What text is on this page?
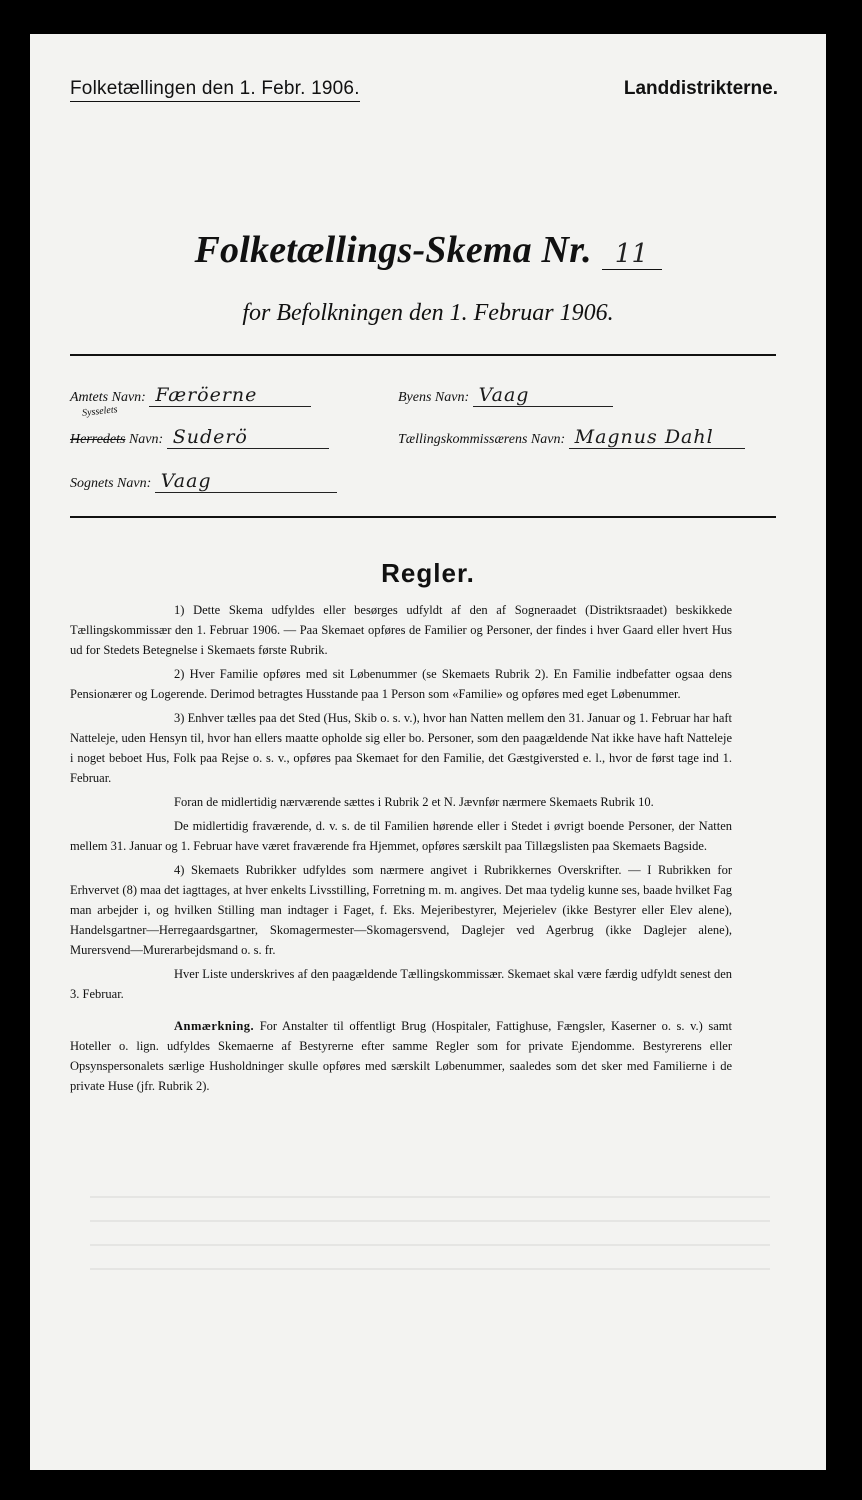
Folketællingen den 1. Febr. 1906.	Landdistrikterne.
Folketællings-Skema Nr. 11
for Befolkningen den 1. Februar 1906.
Amtets Navn: Færöerne	Byens Navn: Vaag
Sysselets
Herredets Navn: Suderö	Tællingskommissærens Navn: Magnus Dahl
Sognets Navn: Vaag
Regler.

1) Dette Skema udfyldes eller besørges udfyldt af den af Sogneraadet (Distriktsraadet) beskikkede Tællingskommissær den 1. Februar 1906. — Paa Skemaet opføres de Familier og Personer, der findes i hver Gaard eller hvert Hus ud for Stedets Betegnelse i Skemaets første Rubrik.

2) Hver Familie opføres med sit Løbenummer (se Skemaets Rubrik 2). En Familie indbefatter ogsaa dens Pensionærer og Logerende. Derimod betragtes Husstande paa 1 Person som «Familie» og opføres med eget Løbenummer.

3) Enhver tælles paa det Sted (Hus, Skib o. s. v.), hvor han Natten mellem den 31. Januar og 1. Februar har haft Natteleje, uden Hensyn til, hvor han ellers maatte opholde sig eller bo. Personer, som den paagældende Nat ikke have haft Natteleje i noget beboet Hus, Folk paa Rejse o. s. v., opføres paa Skemaet for den Familie, det Gæstgiversted e. l., hvor de først tage ind 1. Februar.

Foran de midlertidig nærværende sættes i Rubrik 2 et N. Jævnfør nærmere Skemaets Rubrik 10.

De midlertidig fraværende, d. v. s. de til Familien hørende eller i Stedet i øvrigt boende Personer, der Natten mellem 31. Januar og 1. Februar have været fraværende fra Hjemmet, opføres særskilt paa Tillægslisten paa Skemaets Bagside.

4) Skemaets Rubrikker udfyldes som nærmere angivet i Rubrikkernes Overskrifter. — I Rubrikken for Erhvervet (8) maa det iagttages, at hver enkelts Livsstilling, Forretning m. m. angives. Det maa tydelig kunne ses, baade hvilket Fag man arbejder i, og hvilken Stilling man indtager i Faget, f. Eks. Mejeribestyrer, Mejerielev (ikke Bestyrer eller Elev alene), Handelsgartner—Herregaardsgartner, Skomagermester—Skomagersvend, Daglejer ved Agerbrug (ikke Daglejer alene), Murersvend—Murerarbejdsmand o. s. fr.

Hver Liste underskrives af den paagældende Tællingskommissær. Skemaet skal være færdig udfyldt senest den 3. Februar.

Anmærkning. For Anstalter til offentligt Brug (Hospitaler, Fattighuse, Fængsler, Kaserner o. s. v.) samt Hoteller o. lign. udfyldes Skemaerne af Bestyrerne efter samme Regler som for private Ejendomme. Bestyrerens eller Opsynspersonalets særlige Husholdninger skulle opføres med særskilt Løbenummer, saaledes som det sker med Familierne i de private Huse (jfr. Rubrik 2).
